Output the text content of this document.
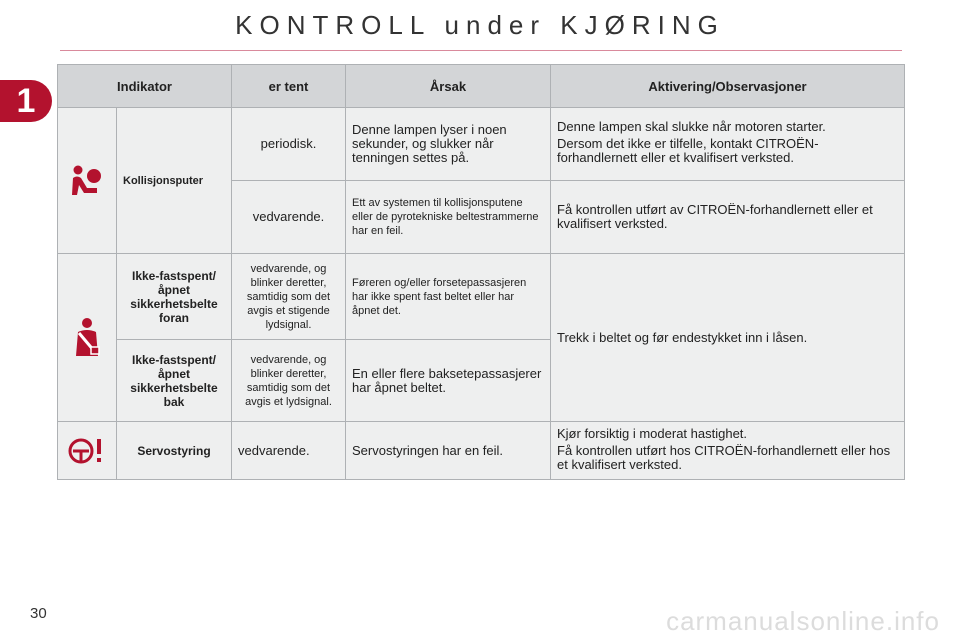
KONTROLL under KJØRING
1	Indikator		er tent	Årsak	Aktivering/Observasjoner
	Kollisjonsputer	periodisk.	Denne lampen lyser i noen sekunder, og slukker når tenningen settes på.	Denne lampen skal slukke når motoren starter.
Dersom det ikke er tilfelle, kontakt CITROËN-forhandlernett eller et kvalifisert verksted.

		vedvarende.	Ett av systemen til kollisjonsputene eller de pyrotekniske beltestrammerne har en feil.	Få kontrollen utført av CITROËN-forhandlernett eller et kvalifisert verksted.
	Ikke-fastspent/ åpnet sikkerhetsbelte foran	vedvarende, og blinker deretter, samtidig som det avgis et stigende lydsignal.	Føreren og/eller forsetepassasjeren har ikke spent fast beltet eller har åpnet det.	Trekk i beltet og før endestykket inn i låsen.
	Ikke-fastspent/ åpnet sikkerhetsbelte bak	vedvarende, og blinker deretter, samtidig som det avgis et lydsignal.	En eller flere baksetepassasjerer har åpnet beltet.	
	Servostyring	vedvarende.	Servostyringen har en feil.	Kjør forsiktig i moderat hastighet.
Få kontrollen utført hos CITROËN-forhandlernett eller hos et kvalifisert verksted.
30	carmanualsonline.info
